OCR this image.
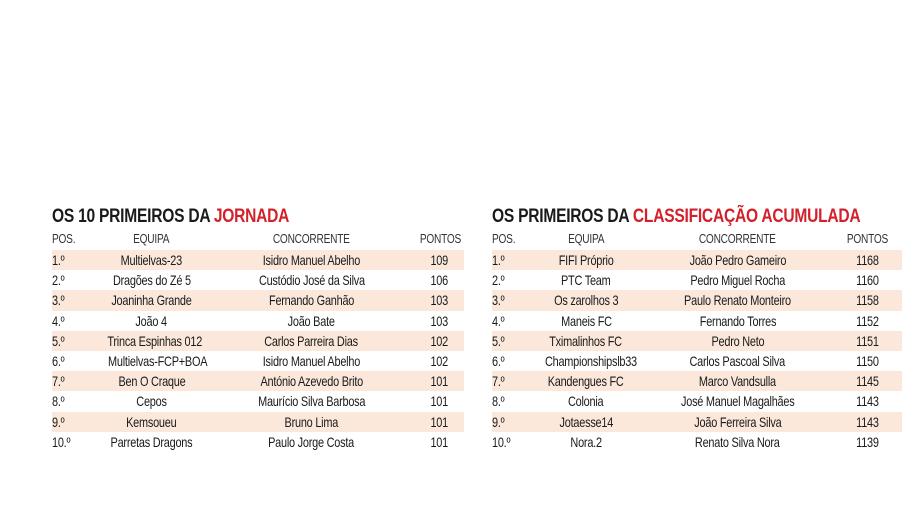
OS 10 PRIMEIROS DA JORNADA
POS.	EQUIPA	CONCORRENTE	PONTOS
1.º	Multielvas-23	Isidro Manuel Abelho	109
2.º	Dragões do Zé 5	Custódio José da Silva	106
3.º	Joaninha Grande	Fernando Ganhão	103
4.º	João 4	João Bate	103
5.º	Trinca Espinhas 012	Carlos Parreira Dias	102
6.º	Multielvas-FCP+BOA	Isidro Manuel Abelho	102
7.º	Ben O Craque	António Azevedo Brito	101
8.º	Cepos	Maurício Silva Barbosa	101
9.º	Kemsoueu	Bruno Lima	101
10.º	Parretas Dragons	Paulo Jorge Costa	101
OS PRIMEIROS DA CLASSIFICAÇÃO ACUMULADA
POS.	EQUIPA	CONCORRENTE	PONTOS
1.º	FIFI Próprio	João Pedro Gameiro	1168
2.º	PTC Team	Pedro Miguel Rocha	1160
3.º	Os zarolhos 3	Paulo Renato Monteiro	1158
4.º	Maneis FC	Fernando Torres	1152
5.º	Tximalinhos FC	Pedro Neto	1151
6.º	Championshipslb33	Carlos Pascoal Silva	1150
7.º	Kandengues FC	Marco Vandsulla	1145
8.º	Colonia	José Manuel Magalhães	1143
9.º	Jotaesse14	João Ferreira Silva	1143
10.º	Nora.2	Renato Silva Nora	1139
